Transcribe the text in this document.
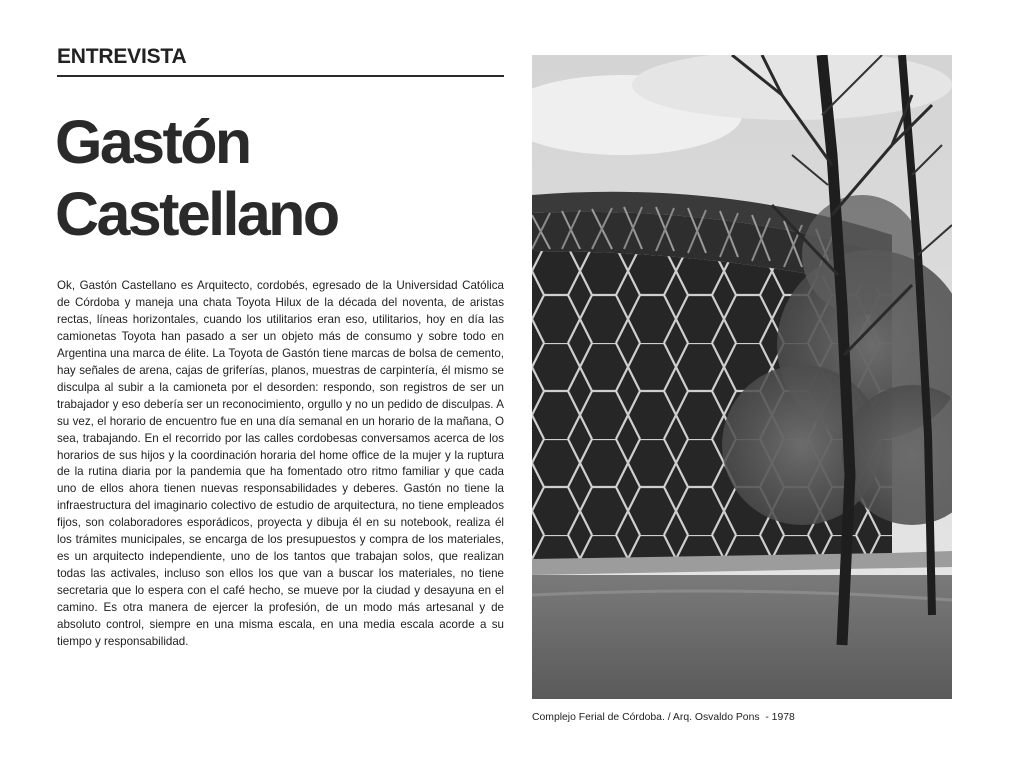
ENTREVISTA
Gastón
Castellano

Ok, Gastón Castellano es Arquitecto, cordobés, egresado de la Universidad Católica de Córdoba y maneja una chata Toyota Hilux de la década del noventa, de aristas rectas, líneas horizontales, cuando los utilitarios eran eso, utilitarios, hoy en día las camionetas Toyota han pasado a ser un objeto más de consumo y sobre todo en Argentina una marca de élite. La Toyota de Gastón tiene marcas de bolsa de cemento, hay señales de arena, cajas de griferías, planos, muestras de carpintería, él mismo se disculpa al subir a la camioneta por el desorden: respondo, son registros de ser un trabajador y eso debería ser un reconocimiento, orgullo y no un pedido de disculpas. A su vez, el horario de encuentro fue en una día semanal en un horario de la mañana, O sea, trabajando. En el recorrido por las calles cordobesas conversamos acerca de los horarios de sus hijos y la coordinación horaria del home office de la mujer y la ruptura de la rutina diaria por la pandemia que ha fomentado otro ritmo familiar y que cada uno de ellos ahora tienen nuevas responsabilidades y deberes. Gastón no tiene la infraestructura del imaginario colectivo de estudio de arquitectura, no tiene empleados fijos, son colaboradores esporádicos, proyecta y dibuja él en su notebook, realiza él los trámites municipales, se encarga de los presupuestos y compra de los materiales, es un arquitecto independiente, uno de los tantos que trabajan solos, que realizan todas las activales, incluso son ellos los que van a buscar los materiales, no tiene secretaria que lo espera con el café hecho, se mueve por la ciudad y desayuna en el camino. Es otra manera de ejercer la profesión, de un modo más artesanal y de absoluto control, siempre en una misma escala, en una media escala acorde a su tiempo y responsabilidad.

Complejo Ferial de Córdoba. / Arq. Osvaldo Pons  - 1978
